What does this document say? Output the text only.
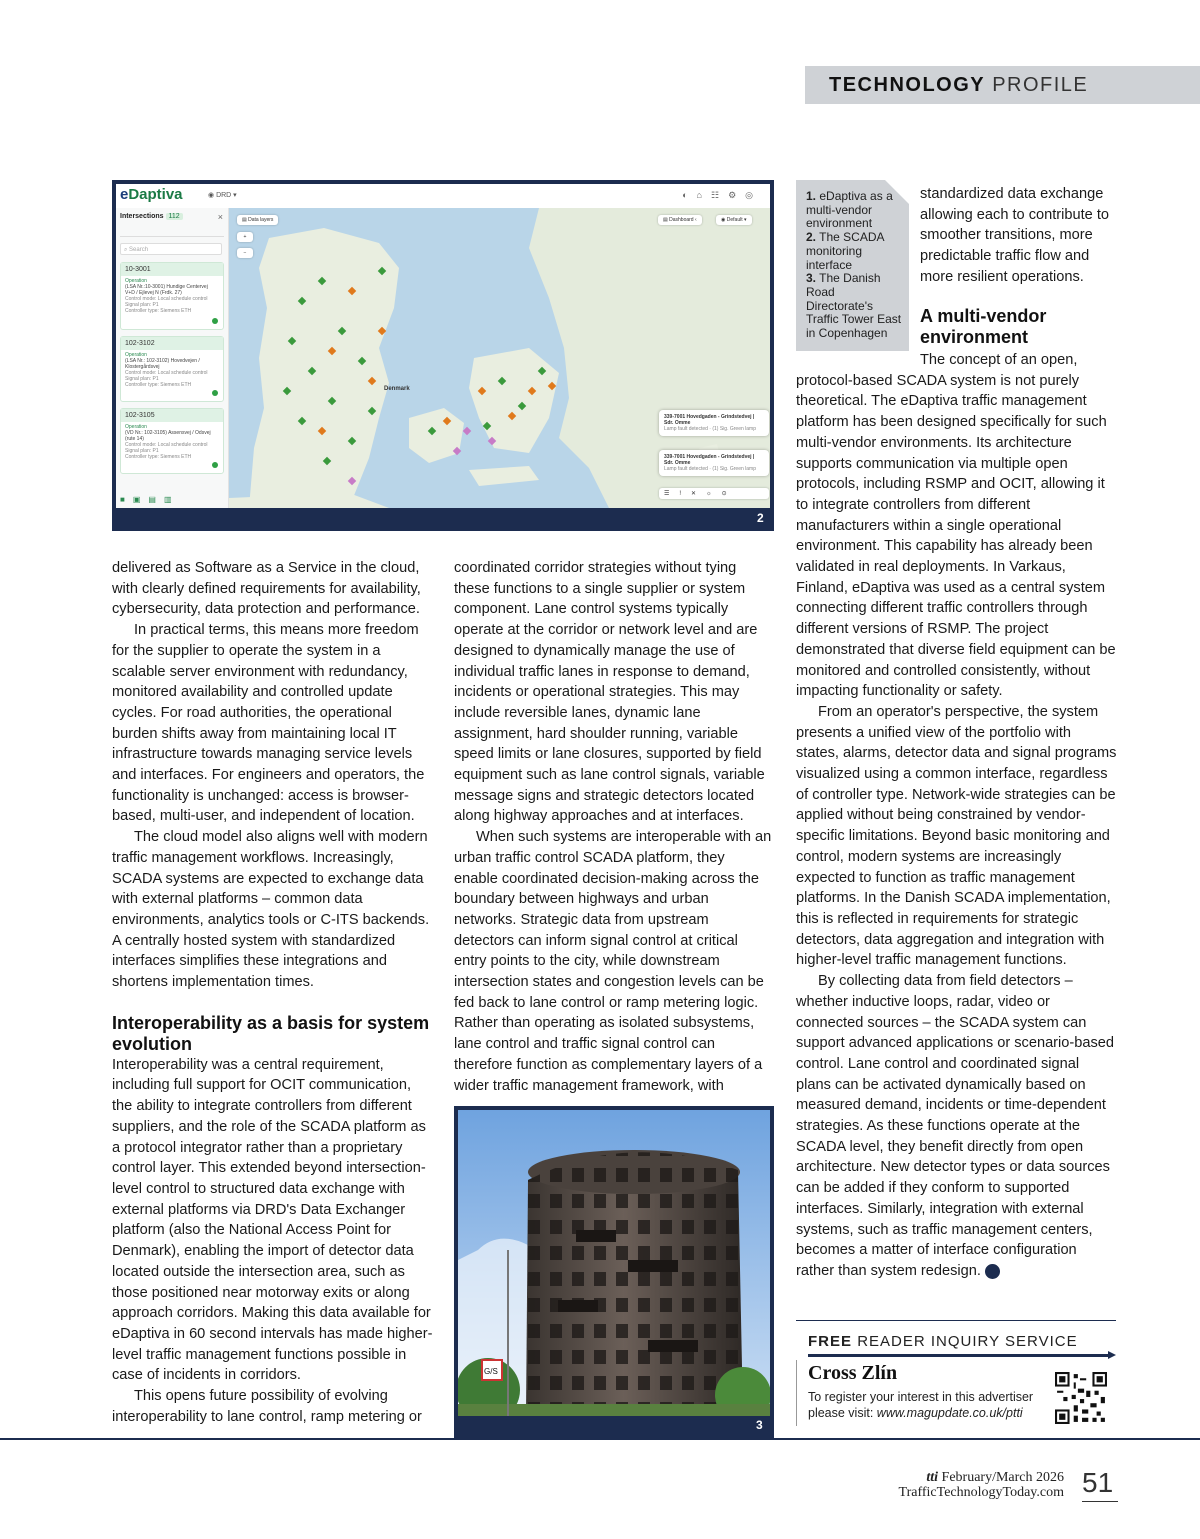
TECHNOLOGY PROFILE
eDaptiva	◉ DRD ▾	◐⌂☷⚙◎
Intersections 112	×
⌕ Search
10-3001
Operation
(LSA Nr.:10-3001) Hundige Centervej V+D / Ejlevej N (Frdk. 27)
Control mode: Local schedule control
Signal plan: P1
Controller type: Siemens ETH
102-3102
Operation
(LSA Nr.: 102-3102) Hovedvejen / Klostergårdsvej
Control mode: Local schedule control
Signal plan: P1
Controller type: Siemens ETH
102-3105
Operation
(VD Nr.: 102-3105) Assensvej / Odsvej (rute 14)
Control mode: Local schedule control
Signal plan: P1
Controller type: Siemens ETH
■▣▤▥
▤ Data layers
+
−
▤ Dashboard ‹	◉ Default ▾
Denmark
339-7001 Hovedgaden - Grindstedvej | Sdr. Omme
Lamp fault detected · (1) Sig. Green lamp
339-7001 Hovedgaden - Grindstedvej | Sdr. Omme
Lamp fault detected · (1) Sig. Green lamp
☰!✕☼⊙
2
1. eDaptiva as a multi-vendor environment
2. The SCADA monitoring interface
3. The Danish Road Directorate's Traffic Tower East in Copenhagen

delivered as Software as a Service in the cloud, with clearly defined requirements for availability, cybersecurity, data protection and performance.

In practical terms, this means more freedom for the supplier to operate the system in a scalable server environment with redundancy, monitored availability and controlled update cycles. For road authorities, the operational burden shifts away from maintaining local IT infrastructure towards managing service levels and interfaces. For engineers and operators, the functionality is unchanged: access is browser-based, multi-user, and independent of location.

The cloud model also aligns well with modern traffic management workflows. Increasingly, SCADA systems are expected to exchange data with external platforms – common data environments, analytics tools or C-ITS backends. A centrally hosted system with standardized interfaces simplifies these integrations and shortens implementation times.

Interoperability as a basis for system evolution

Interoperability was a central requirement, including full support for OCIT communication, the ability to integrate controllers from different suppliers, and the role of the SCADA platform as a protocol integrator rather than a proprietary control layer. This extended beyond intersection-level control to structured data exchange with external platforms via DRD's Data Exchanger platform (also the National Access Point for Denmark), enabling the import of detector data located outside the intersection area, such as those positioned near motorway exits or along approach corridors. Making this data available for eDaptiva in 60 second intervals has made higher-level traffic management functions possible in case of incidents in corridors.

This opens future possibility of evolving interoperability to lane control, ramp metering or

coordinated corridor strategies without tying these functions to a single supplier or system component. Lane control systems typically operate at the corridor or network level and are designed to dynamically manage the use of individual traffic lanes in response to demand, incidents or operational strategies. This may include reversible lanes, dynamic lane assignment, hard shoulder running, variable speed limits or lane closures, supported by field equipment such as lane control signals, variable message signs and strategic detectors located along highway approaches and at interfaces.

When such systems are interoperable with an urban traffic control SCADA platform, they enable coordinated decision-making across the boundary between highways and urban networks. Strategic data from upstream detectors can inform signal control at critical entry points to the city, while downstream intersection states and congestion levels can be fed back to lane control or ramp metering logic. Rather than operating as isolated subsystems, lane control and traffic signal control can therefore function as complementary layers of a wider traffic management framework, with

G/S
3

standardized data exchange allowing each to contribute to smoother transitions, more predictable traffic flow and more resilient operations.

A multi-vendor environment

The concept of an open, protocol-based SCADA system is not purely theoretical. The eDaptiva traffic management platform has been designed specifically for such multi-vendor environments. Its architecture supports communication via multiple open protocols, including RSMP and OCIT, allowing it to integrate controllers from different manufacturers within a single operational environment. This capability has already been validated in real deployments. In Varkaus, Finland, eDaptiva was used as a central system connecting different traffic controllers through different versions of RSMP. The project demonstrated that diverse field equipment can be monitored and controlled consistently, without impacting functionality or safety.

From an operator's perspective, the system presents a unified view of the portfolio with states, alarms, detector data and signal programs visualized using a common interface, regardless of controller type. Network-wide strategies can be applied without being constrained by vendor-specific limitations. Beyond basic monitoring and control, modern systems are increasingly expected to function as traffic management platforms. In the Danish SCADA implementation, this is reflected in requirements for strategic detectors, data aggregation and integration with higher-level traffic management functions.

By collecting data from field detectors – whether inductive loops, radar, video or connected sources – the SCADA system can support advanced applications or scenario-based control. Lane control and coordinated signal plans can be activated dynamically based on measured demand, incidents or time-dependent strategies. As these functions operate at the SCADA level, they benefit directly from open architecture. New detector types or data sources can be added if they conform to supported interfaces. Similarly, integration with external systems, such as traffic management centers, becomes a matter of interface configuration rather than system redesign.	✕

FREE READER INQUIRY SERVICE
Cross Zlín
To register your interest in this advertiser please visit: www.magupdate.co.uk/ptti
tti February/March 2026
TrafficTechnologyToday.com 51
